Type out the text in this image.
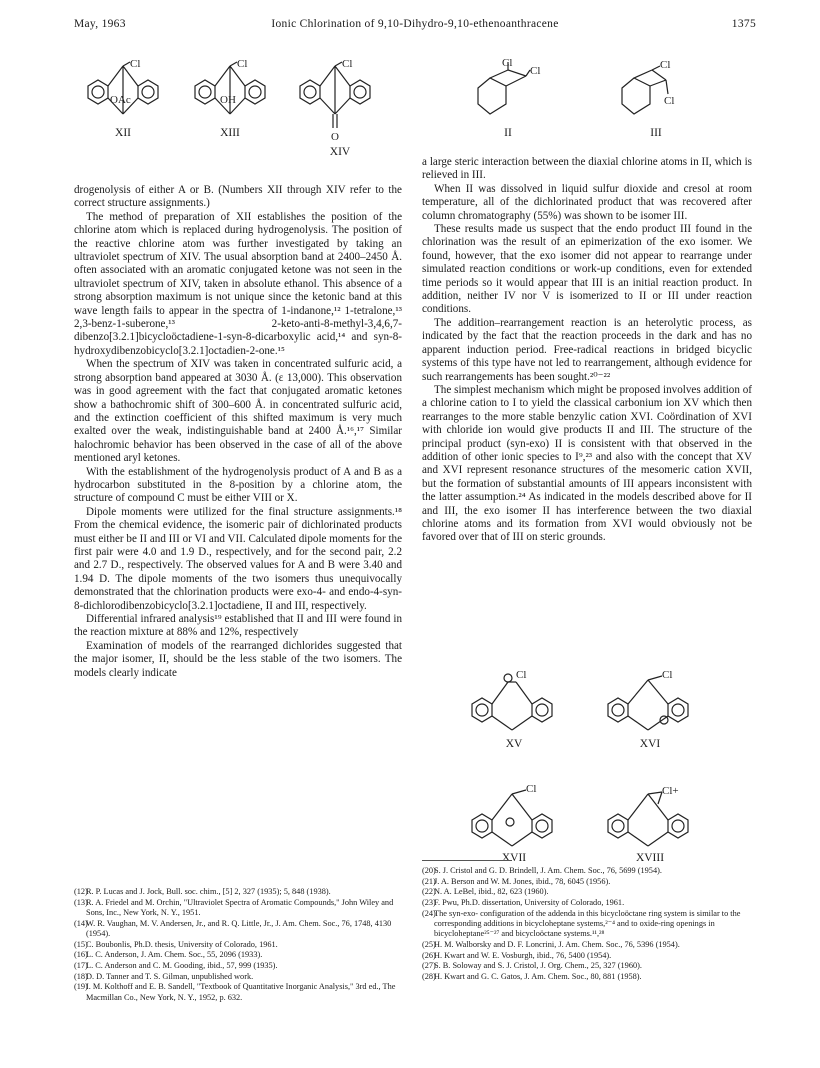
May, 1963	Ionic Chlorination of 9,10-Dihydro-9,10-ethenoanthracene	1375
Cl
OAc
XII
Cl
OH
XIII
Cl
O
XIV
Cl
Cl
II
Cl
Cl
III

drogenolysis of either A or B. (Numbers XII through XIV refer to the correct structure assignments.)

The method of preparation of XII establishes the position of the chlorine atom which is replaced during hydrogenolysis. The position of the reactive chlorine atom was further investigated by taking an ultraviolet spectrum of XIV. The usual absorption band at 2400–2450 Å. often associated with an aromatic conjugated ketone was not seen in the ultraviolet spectrum of XIV, taken in absolute ethanol. This absence of a strong absorption maximum is not unique since the ketonic band at this wave length fails to appear in the spectra of 1-indanone,¹² 1-tetralone,¹³ 2,3-benz-1-suberone,¹³ 2-keto-anti-8-methyl-3,4,6,7-dibenzo[3.2.1]bicycloöctadiene-1-syn-8-dicarboxylic acid,¹⁴ and syn-8-hydroxydibenzobicyclo[3.2.1]octadien-2-one.¹⁵

When the spectrum of XIV was taken in concentrated sulfuric acid, a strong absorption band appeared at 3030 Å. (ε 13,000). This observation was in good agreement with the fact that conjugated aromatic ketones show a bathochromic shift of 300–600 Å. in concentrated sulfuric acid, and the extinction coefficient of this shifted maximum is very much exalted over the weak, indistinguishable band at 2400 Å.¹⁶,¹⁷ Similar halochromic behavior has been observed in the case of all of the above mentioned aryl ketones.

With the establishment of the hydrogenolysis product of A and B as a hydrocarbon substituted in the 8-position by a chlorine atom, the structure of compound C must be either VIII or X.

Dipole moments were utilized for the final structure assignments.¹⁸ From the chemical evidence, the isomeric pair of dichlorinated products must either be II and III or VI and VII. Calculated dipole moments for the first pair were 4.0 and 1.9 D., respectively, and for the second pair, 2.2 and 2.7 D., respectively. The observed values for A and B were 3.40 and 1.94 D. The dipole moments of the two isomers thus unequivocally demonstrated that the chlorination products were exo-4- and endo-4-syn-8-dichlorodibenzobicyclo[3.2.1]octadiene, II and III, respectively.

Differential infrared analysis¹⁹ established that II and III were found in the reaction mixture at 88% and 12%, respectively

Examination of models of the rearranged dichlorides suggested that the major isomer, II, should be the less stable of the two isomers. The models clearly indicate

a large steric interaction between the diaxial chlorine atoms in II, which is relieved in III.

When II was dissolved in liquid sulfur dioxide and cresol at room temperature, all of the dichlorinated product that was recovered after column chromatography (55%) was shown to be isomer III.

These results made us suspect that the endo product III found in the chlorination was the result of an epimerization of the exo isomer. We found, however, that the exo isomer did not appear to rearrange under simulated reaction conditions or work-up conditions, even for extended time periods so it would appear that III is an initial reaction product. In addition, neither IV nor V is isomerized to II or III under reaction conditions.

The addition–rearrangement reaction is an heterolytic process, as indicated by the fact that the reaction proceeds in the dark and has no apparent induction period. Free-radical reactions in bridged bicyclic systems of this type have not led to rearrangement, although evidence for such rearrangements has been sought.²⁰⁻²²

The simplest mechanism which might be proposed involves addition of a chlorine cation to I to yield the classical carbonium ion XV which then rearranges to the more stable benzylic cation XVI. Coördination of XVI with chloride ion would give products II and III. The structure of the principal product (syn-exo) II is consistent with that observed in the addition of other ionic species to I⁹,²³ and also with the concept that XV and XVI represent resonance structures of the mesomeric cation XVII, but the formation of substantial amounts of III appears inconsistent with the latter assumption.²⁴ As indicated in the models described above for II and III, the exo isomer II has interference between the two diaxial chlorine atoms and its formation from XVI would obviously not be favored over that of III on steric grounds.

Cl
XV
Cl
XVI
Cl
XVII
Cl+
XVIII
(12)
R. P. Lucas and J. Jock, Bull. soc. chim., [5] 2, 327 (1935); 5, 848 (1938).
(13)
R. A. Friedel and M. Orchin, "Ultraviolet Spectra of Aromatic Compounds," John Wiley and Sons, Inc., New York, N. Y., 1951.
(14)
W. R. Vaughan, M. V. Andersen, Jr., and R. Q. Little, Jr., J. Am. Chem. Soc., 76, 1748, 4130 (1954).
(15)
C. Boubonlis, Ph.D. thesis, University of Colorado, 1961.
(16)
L. C. Anderson, J. Am. Chem. Soc., 55, 2096 (1933).
(17)
L. C. Anderson and C. M. Gooding, ibid., 57, 999 (1935).
(18)
D. D. Tanner and T. S. Gilman, unpublished work.
(19)
I. M. Kolthoff and E. B. Sandell, "Textbook of Quantitative Inorganic Analysis," 3rd ed., The Macmillan Co., New York, N. Y., 1952, p. 632.
(20)
S. J. Cristol and G. D. Brindell, J. Am. Chem. Soc., 76, 5699 (1954).
(21)
J. A. Berson and W. M. Jones, ibid., 78, 6045 (1956).
(22)
N. A. LeBel, ibid., 82, 623 (1960).
(23)
F. Pwu, Ph.D. dissertation, University of Colorado, 1961.
(24)
The syn-exo- configuration of the addenda in this bicycloöctane ring system is similar to the corresponding additions in bicycloheptane systems,²⁻⁴ and to oxide-ring openings in bicycloheptane²⁵⁻²⁷ and bicycloöctane systems.¹¹,²⁸
(25)
H. M. Walborsky and D. F. Loncrini, J. Am. Chem. Soc., 76, 5396 (1954).
(26)
H. Kwart and W. E. Vosburgh, ibid., 76, 5400 (1954).
(27)
S. B. Soloway and S. J. Cristol, J. Org. Chem., 25, 327 (1960).
(28)
H. Kwart and G. C. Gatos, J. Am. Chem. Soc., 80, 881 (1958).
